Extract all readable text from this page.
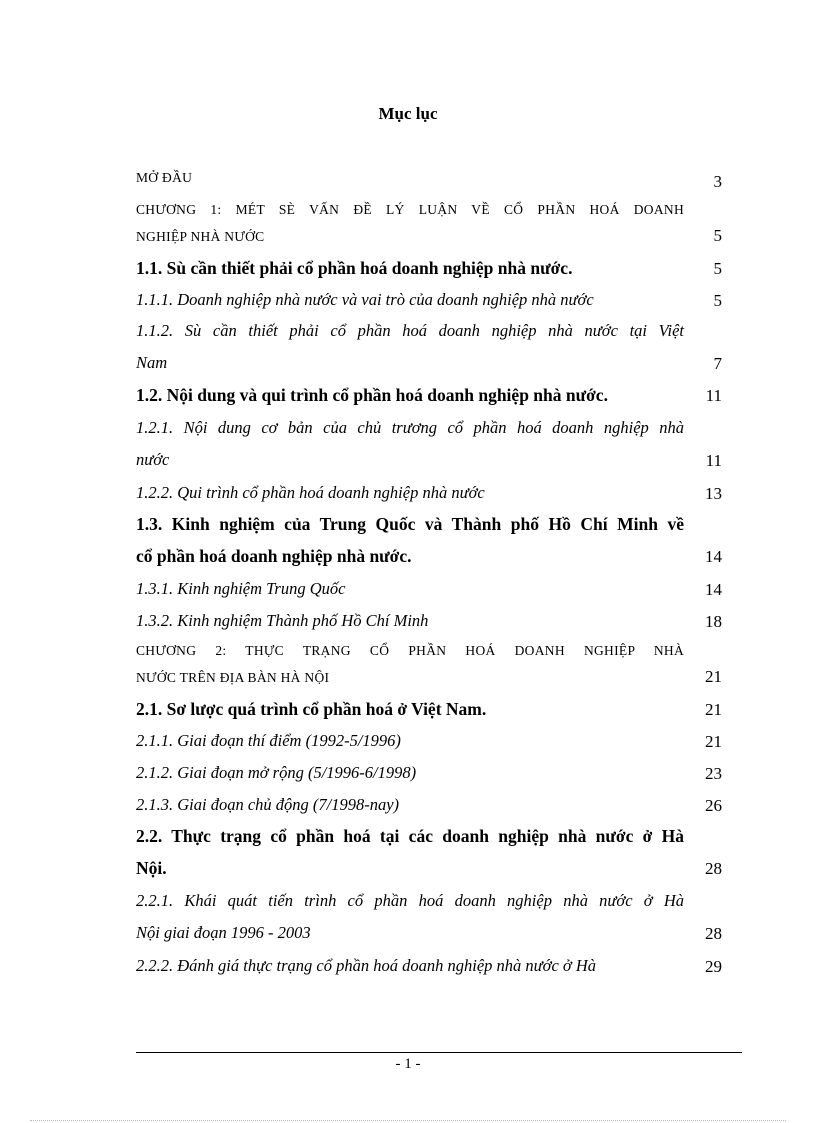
Mục lục
MỞ ĐẦU	3
CHƯƠNG 1: MÉT SÈ VẤN ĐỀ LÝ LUẬN VỀ CỔ PHẦN HOÁ DOANH
NGHIỆP NHÀ NƯỚC	5
1.1. Sù cần thiết phải cổ phần hoá doanh nghiệp nhà nước.	5
1.1.1. Doanh nghiệp nhà nước và vai trò của doanh nghiệp nhà nước	5
1.1.2. Sù cần thiết phải cổ phần hoá doanh nghiệp nhà nước tại Việt
Nam	7
1.2. Nội dung và qui trình cổ phần hoá doanh nghiệp nhà nước.	11
1.2.1. Nội dung cơ bản của chủ trương cổ phần hoá doanh nghiệp nhà
nước	11
1.2.2. Qui trình cổ phần hoá doanh nghiệp nhà nước	13
1.3. Kinh nghiệm của Trung Quốc và Thành phố Hồ Chí Minh về
cổ phần hoá doanh nghiệp nhà nước.	14
1.3.1. Kinh nghiệm Trung Quốc	14
1.3.2. Kinh nghiệm Thành phố Hồ Chí Minh	18
CHƯƠNG 2: THỰC TRẠNG CỔ PHẦN HOÁ DOANH NGHIỆP NHÀ
NƯỚC TRÊN ĐỊA BÀN HÀ NỘI	21
2.1. Sơ lược quá trình cổ phần hoá ở Việt Nam.	21
2.1.1. Giai đoạn thí điểm (1992-5/1996)	21
2.1.2. Giai đoạn mở rộng (5/1996-6/1998)	23
2.1.3. Giai đoạn chủ động (7/1998-nay)	26
2.2. Thực trạng cổ phần hoá tại các doanh nghiệp nhà nước ở Hà
Nội.	28
2.2.1. Khái quát tiến trình cổ phần hoá doanh nghiệp nhà nước ở Hà
Nội giai đoạn 1996 - 2003	28
2.2.2. Đánh giá thực trạng cổ phần hoá doanh nghiệp nhà nước ở Hà	29
- 1 -
